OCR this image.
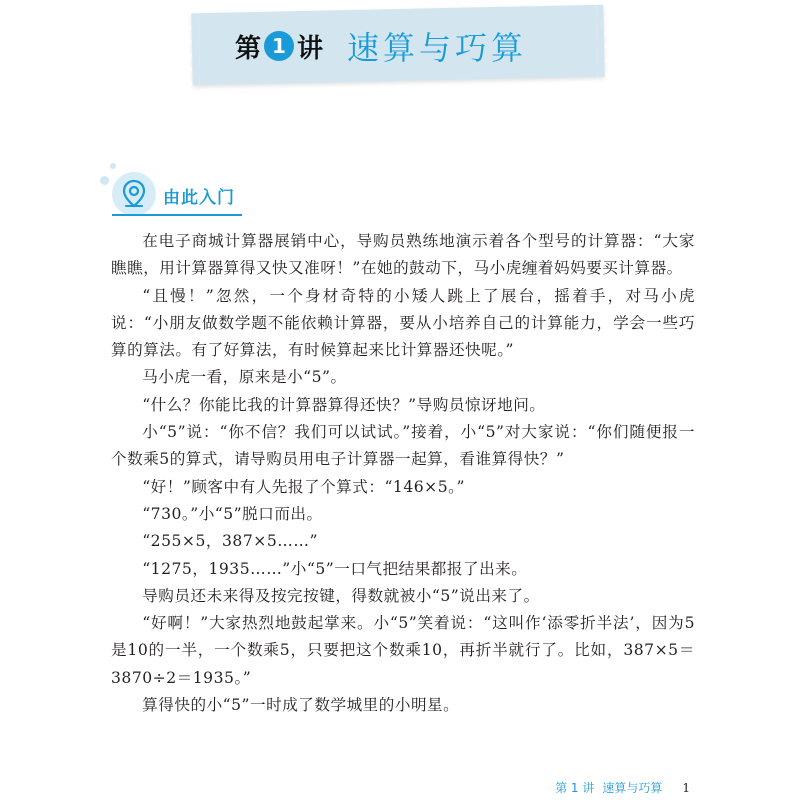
第 1 讲 速算与巧算
由此入门

在电子商城计算器展销中心，导购员熟练地演示着各个型号的计算器：“大家瞧瞧，用计算器算得又快又准呀！”在她的鼓动下，马小虎缠着妈妈要买计算器。

“且慢！”忽然，一个身材奇特的小矮人跳上了展台，摇着手，对马小虎说：“小朋友做数学题不能依赖计算器，要从小培养自己的计算能力，学会一些巧算的算法。有了好算法，有时候算起来比计算器还快呢。”

马小虎一看，原来是小“5”。

“什么？你能比我的计算器算得还快？”导购员惊讶地问。

小“5”说：“你不信？我们可以试试。”接着，小“5”对大家说：“你们随便报一个数乘5的算式，请导购员用电子计算器一起算，看谁算得快？”

“好！”顾客中有人先报了个算式：“146×5。”

“730。”小“5”脱口而出。

“255×5，387×5……”

“1275，1935……”小“5”一口气把结果都报了出来。

导购员还未来得及按完按键，得数就被小“5”说出来了。

“好啊！”大家热烈地鼓起掌来。小“5”笑着说：“这叫作‘添零折半法’，因为5是10的一半，一个数乘5，只要把这个数乘10，再折半就行了。比如，387×5＝3870÷2＝1935。”

算得快的小“5”一时成了数学城里的小明星。

第 1 讲 速算与巧算 1
